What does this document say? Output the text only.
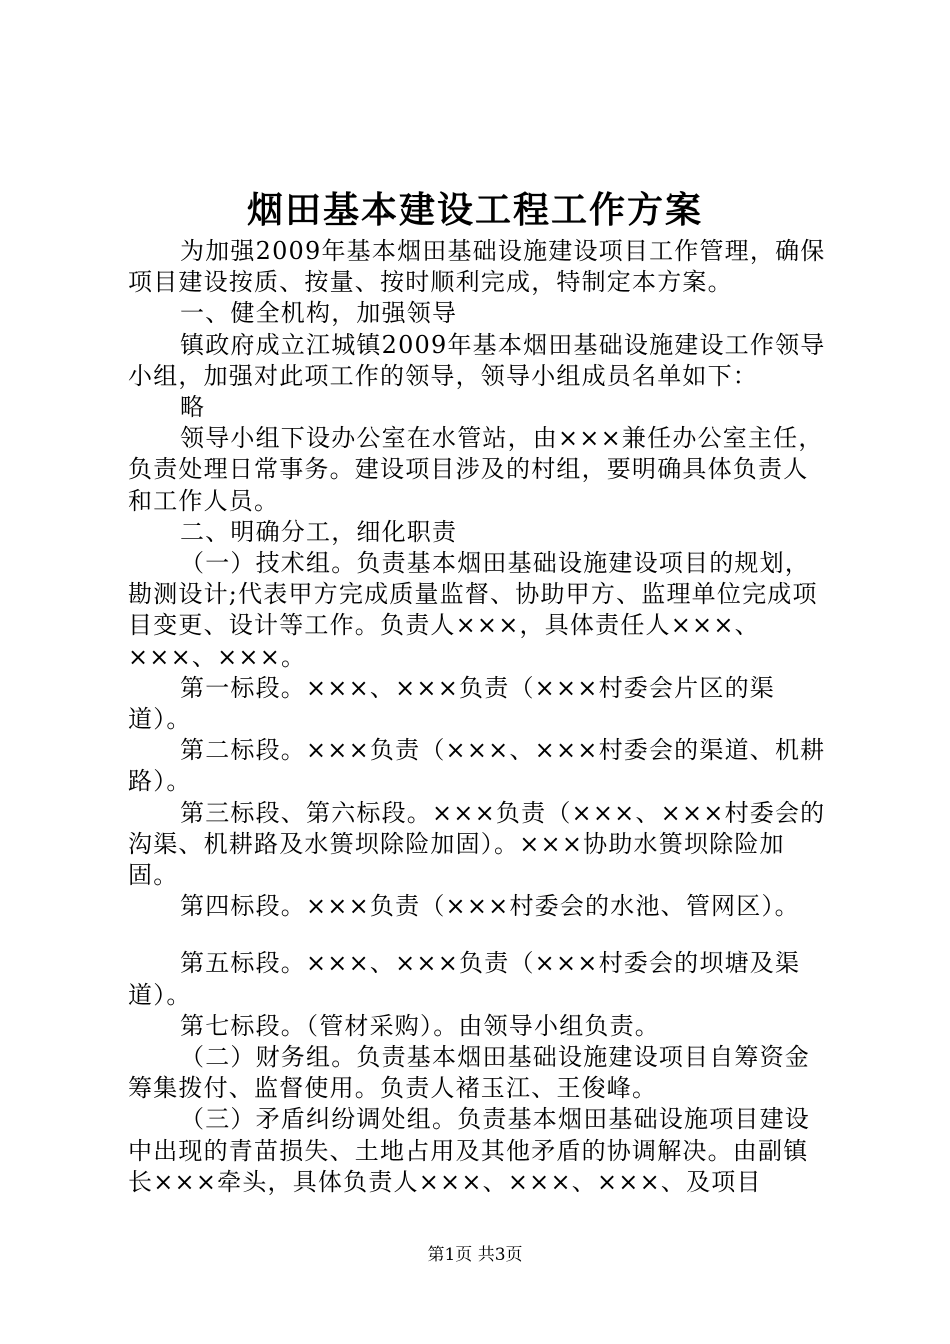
烟田基本建设工程工作方案

为加强2009年基本烟田基础设施建设项目工作管理，确保项目建设按质、按量、按时顺利完成，特制定本方案。

一、健全机构，加强领导

镇政府成立江城镇2009年基本烟田基础设施建设工作领导小组，加强对此项工作的领导，领导小组成员名单如下：

略

领导小组下设办公室在水管站，由×××兼任办公室主任，负责处理日常事务。建设项目涉及的村组，要明确具体负责人和工作人员。

二、明确分工，细化职责

（一）技术组。负责基本烟田基础设施建设项目的规划，勘测设计;代表甲方完成质量监督、协助甲方、监理单位完成项目变更、设计等工作。负责人×××，具体责任人×××、×××、×××。

第一标段。×××、×××负责（×××村委会片区的渠道）。

第二标段。×××负责（×××、×××村委会的渠道、机耕路）。

第三标段、第六标段。×××负责（×××、×××村委会的沟渠、机耕路及水篑坝除险加固）。×××协助水篑坝除险加固。

第四标段。×××负责（×××村委会的水池、管网区）。

第五标段。×××、×××负责（×××村委会的坝塘及渠道）。

第七标段。（管材采购）。由领导小组负责。

（二）财务组。负责基本烟田基础设施建设项目自筹资金筹集拨付、监督使用。负责人褚玉江、王俊峰。

（三）矛盾纠纷调处组。负责基本烟田基础设施项目建设中出现的青苗损失、土地占用及其他矛盾的协调解决。由副镇长×××牵头，具体负责人×××、×××、×××、及项目

第1页 共3页
